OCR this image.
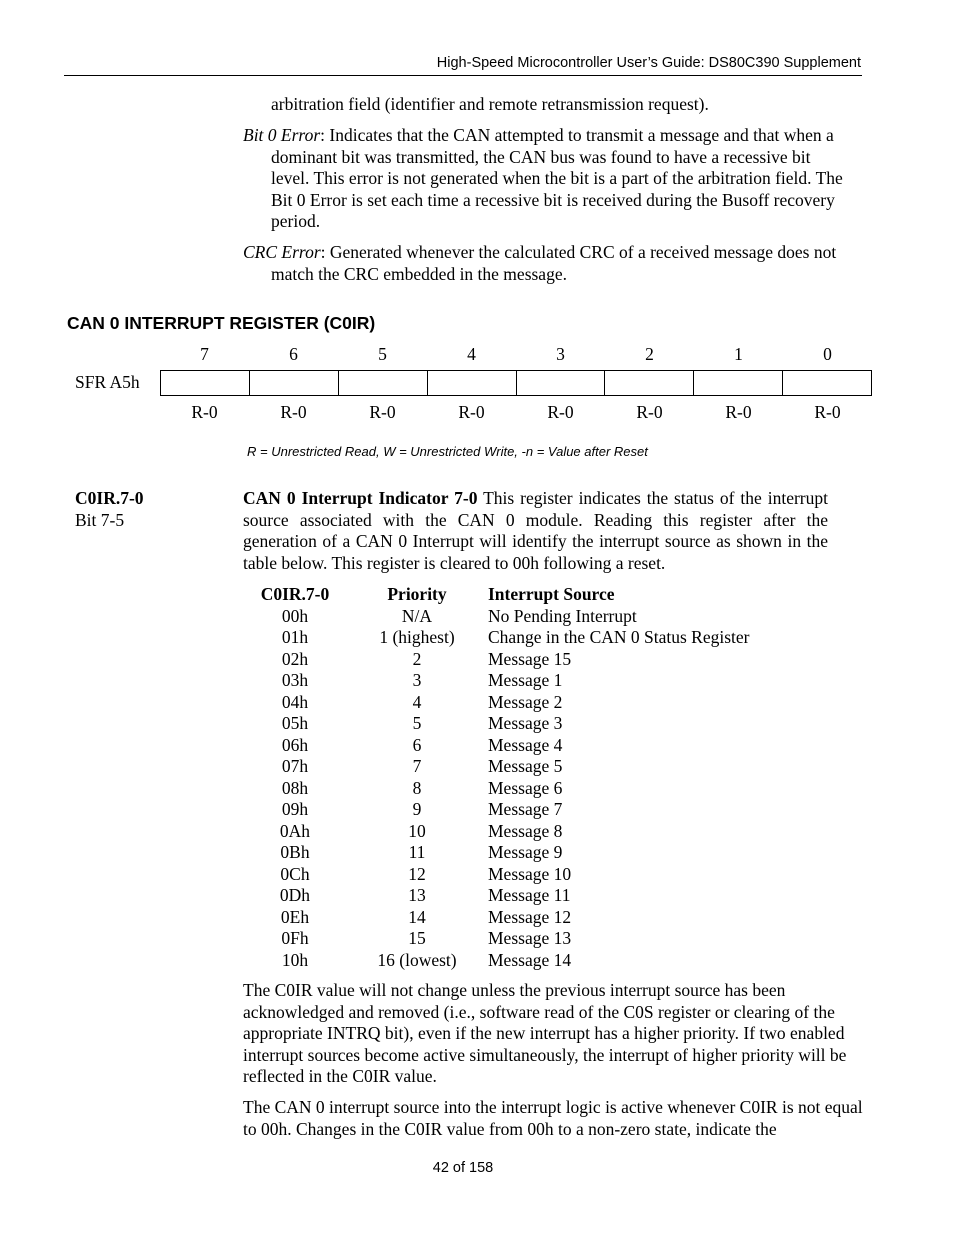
High-Speed Microcontroller User’s Guide: DS80C390 Supplement
arbitration field (identifier and remote retransmission request).
Bit 0 Error: Indicates that the CAN attempted to transmit a message and that when a dominant bit was transmitted, the CAN bus was found to have a recessive bit level. This error is not generated when the bit is a part of the arbitration field. The Bit 0 Error is set each time a recessive bit is received during the Busoff recovery period.
CRC Error: Generated whenever the calculated CRC of a received message does not match the CRC embedded in the message.
CAN 0 INTERRUPT REGISTER (C0IR)
7	6	5	4	3	2	1	0
SFR A5h
R-0	R-0	R-0	R-0	R-0	R-0	R-0	R-0
R = Unrestricted Read, W = Unrestricted Write, -n = Value after Reset
C0IR.7-0
Bit 7-5
CAN 0 Interrupt Indicator 7-0 This register indicates the status of the interrupt source associated with the CAN 0 module. Reading this register after the generation of a CAN 0 Interrupt will identify the interrupt source as shown in the table below. This register is cleared to 00h following a reset.
C0IR.7-0	Priority	Interrupt Source
00h	N/A	No Pending Interrupt
01h	1 (highest)	Change in the CAN 0 Status Register
02h	2	Message 15
03h	3	Message 1
04h	4	Message 2
05h	5	Message 3
06h	6	Message 4
07h	7	Message 5
08h	8	Message 6
09h	9	Message 7
0Ah	10	Message 8
0Bh	11	Message 9
0Ch	12	Message 10
0Dh	13	Message 11
0Eh	14	Message 12
0Fh	15	Message 13
10h	16 (lowest)	Message 14
The C0IR value will not change unless the previous interrupt source has been acknowledged and removed (i.e., software read of the C0S register or clearing of the appropriate INTRQ bit), even if the new interrupt has a higher priority. If two enabled interrupt sources become active simultaneously, the interrupt of higher priority will be reflected in the C0IR value.
The CAN 0 interrupt source into the interrupt logic is active whenever C0IR is not equal to 00h. Changes in the C0IR value from 00h to a non-zero state, indicate the
42 of 158
